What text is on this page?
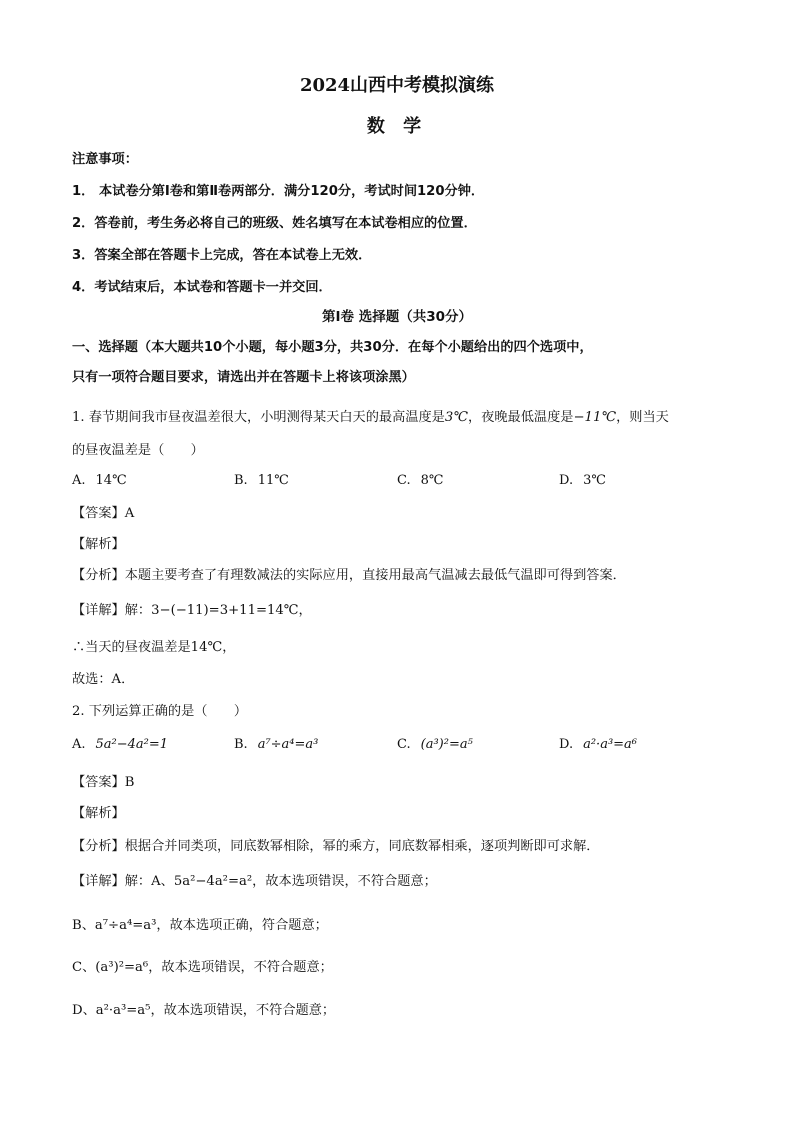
2024山西中考模拟演练
数 学
注意事项：
1． 本试卷分第Ⅰ卷和第Ⅱ卷两部分．满分120分，考试时间120分钟．
2．答卷前，考生务必将自己的班级、姓名填写在本试卷相应的位置．
3．答案全部在答题卡上完成，答在本试卷上无效．
4．考试结束后，本试卷和答题卡一并交回．
第Ⅰ卷 选择题（共30分）
一、选择题（本大题共10个小题，每小题3分，共30分．在每个小题给出的四个选项中，
只有一项符合题目要求，请选出并在答题卡上将该项涂黑）
1. 春节期间我市昼夜温差很大，小明测得某天白天的最高温度是3℃，夜晚最低温度是−11℃，则当天
的昼夜温差是（　　）
A. 14℃	B. 11℃	C. 8℃	D. 3℃
【答案】A
【解析】
【分析】本题主要考查了有理数减法的实际应用，直接用最高气温减去最低气温即可得到答案．
【详解】解：3−(−11)=3+11=14℃，
∴当天的昼夜温差是14℃，
故选：A．
2. 下列运算正确的是（　　）
A. 5a²−4a²=1	B. a⁷÷a⁴=a³	C. (a³)²=a⁵	D. a²·a³=a⁶
【答案】B
【解析】
【分析】根据合并同类项，同底数幂相除，幂的乘方，同底数幂相乘，逐项判断即可求解．
【详解】解：A、5a²−4a²=a²，故本选项错误，不符合题意；
B、a⁷÷a⁴=a³，故本选项正确，符合题意；
C、(a³)²=a⁶，故本选项错误，不符合题意；
D、a²·a³=a⁵，故本选项错误，不符合题意；
